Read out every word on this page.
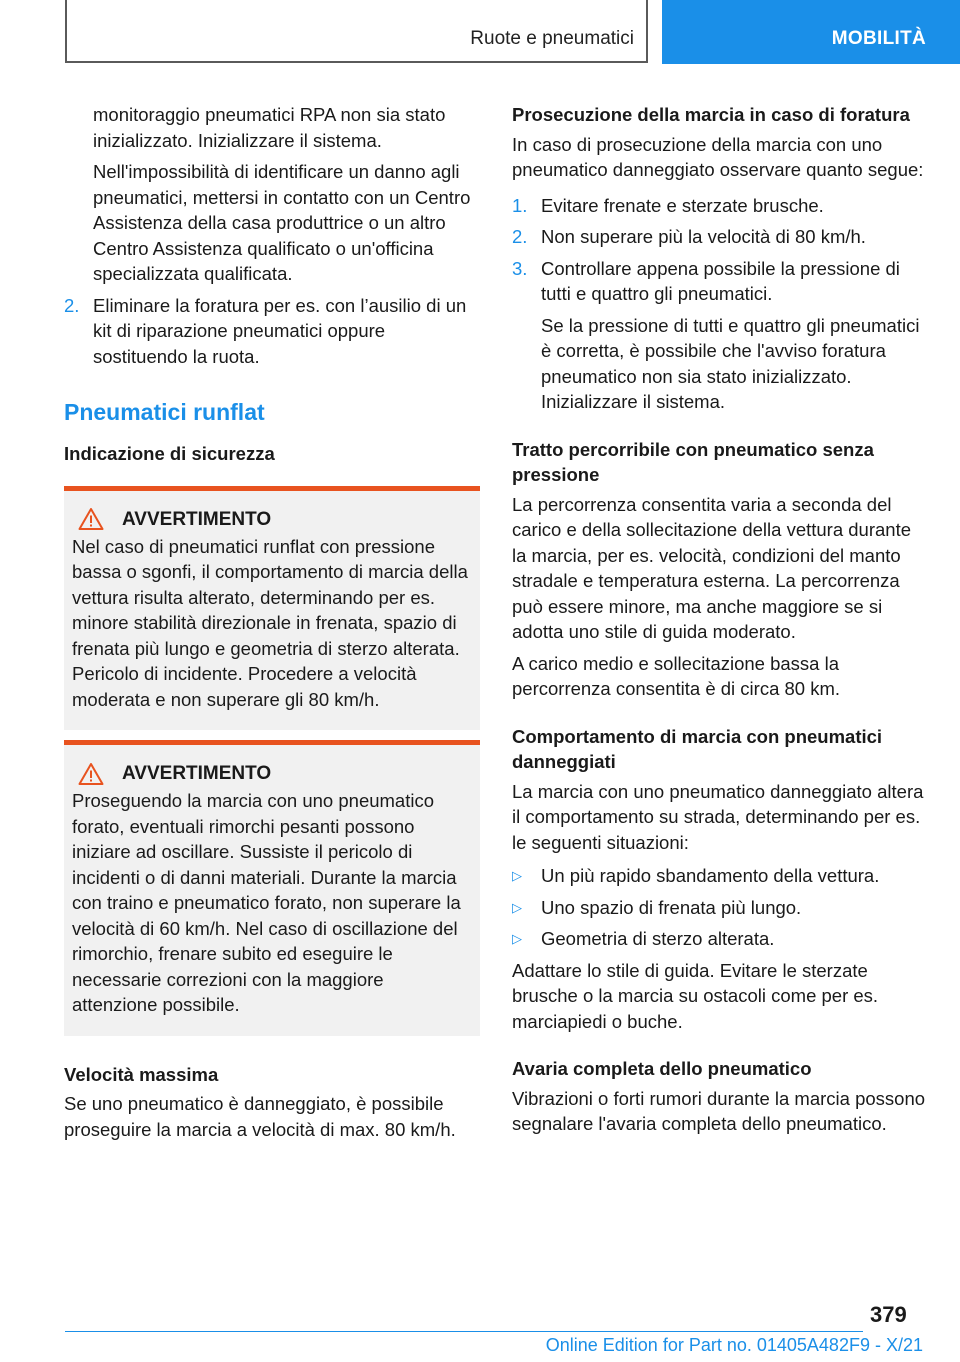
Ruote e pneumatici	MOBILITÀ

monitoraggio pneumatici RPA non sia stato inizializzato. Inizializzare il sistema.

Nell'impossibilità di identificare un danno agli pneumatici, mettersi in contatto con un Centro Assistenza della casa produttrice o un altro Centro Assistenza qualificato o un'officina specializzata qualificata.

2. Eliminare la foratura per es. con l’ausilio di un kit di riparazione pneumatici oppure sostituendo la ruota.

Pneumatici runflat
Indicazione di sicurezza
AVVERTIMENTO

Nel caso di pneumatici runflat con pressione bassa o sgonfi, il comportamento di marcia della vettura risulta alterato, determinando per es. minore stabilità direzionale in frenata, spazio di frenata più lungo e geometria di sterzo alterata. Pericolo di incidente. Procedere a velocità moderata e non superare gli 80 km/h.

AVVERTIMENTO

Proseguendo la marcia con uno pneumatico forato, eventuali rimorchi pesanti possono iniziare ad oscillare. Sussiste il pericolo di incidenti o di danni materiali. Durante la marcia con traino e pneumatico forato, non superare la velocità di 60 km/h. Nel caso di oscillazione del rimorchio, frenare subito ed eseguire le necessarie correzioni con la maggiore attenzione possibile.

Velocità massima

Se uno pneumatico è danneggiato, è possibile proseguire la marcia a velocità di max. 80 km/h.

Prosecuzione della marcia in caso di foratura

In caso di prosecuzione della marcia con uno pneumatico danneggiato osservare quanto segue:

1. Evitare frenate e sterzate brusche.

2. Non superare più la velocità di 80 km/h.

3. Controllare appena possibile la pressione di tutti e quattro gli pneumatici.

Se la pressione di tutti e quattro gli pneumatici è corretta, è possibile che l'avviso foratura pneumatico non sia stato inizializzato. Inizializzare il sistema.

Tratto percorribile con pneumatico senza pressione

La percorrenza consentita varia a seconda del carico e della sollecitazione della vettura durante la marcia, per es. velocità, condizioni del manto stradale e temperatura esterna. La percorrenza può essere minore, ma anche maggiore se si adotta uno stile di guida moderato.

A carico medio e sollecitazione bassa la percorrenza consentita è di circa 80 km.

Comportamento di marcia con pneumatici danneggiati

La marcia con uno pneumatico danneggiato altera il comportamento su strada, determinando per es. le seguenti situazioni:

▷	Un più rapido sbandamento della vettura.

▷	Uno spazio di frenata più lungo.

▷	Geometria di sterzo alterata.

Adattare lo stile di guida. Evitare le sterzate brusche o la marcia su ostacoli come per es. marciapiedi o buche.

Avaria completa dello pneumatico

Vibrazioni o forti rumori durante la marcia possono segnalare l'avaria completa dello pneumatico.

379
Online Edition for Part no. 01405A482F9 - X/21
